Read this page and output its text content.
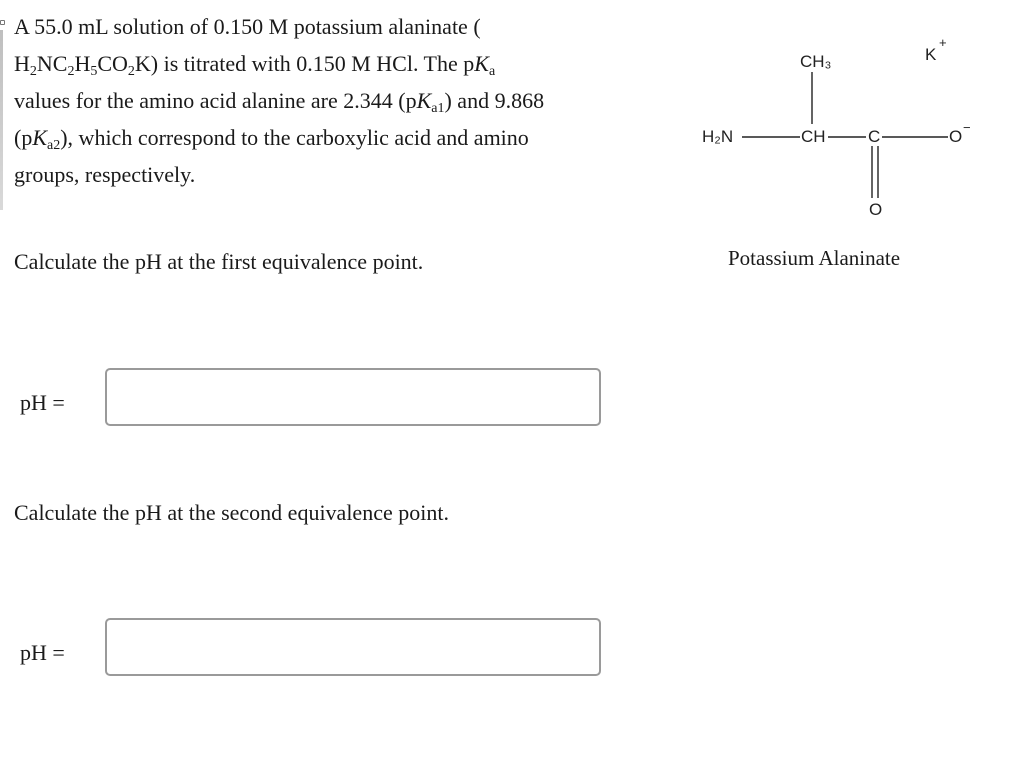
A 55.0 mL solution of 0.150 M potassium alaninate (

$H_2NC_2H_5CO_2K$) is titrated with 0.150 M HCl. The $pK_a$

values for the amino acid alanine are 2.344 $(pK_{a1})$ and 9.868

$(pK_{a2})$, which correspond to the carboxylic acid and amino

groups, respectively.

Calculate the pH at the first equivalence point.
pH =
Calculate the pH at the second equivalence point.
pH =
CH₃	K
+
H₂N	CH C	O −
O
Potassium Alaninate
